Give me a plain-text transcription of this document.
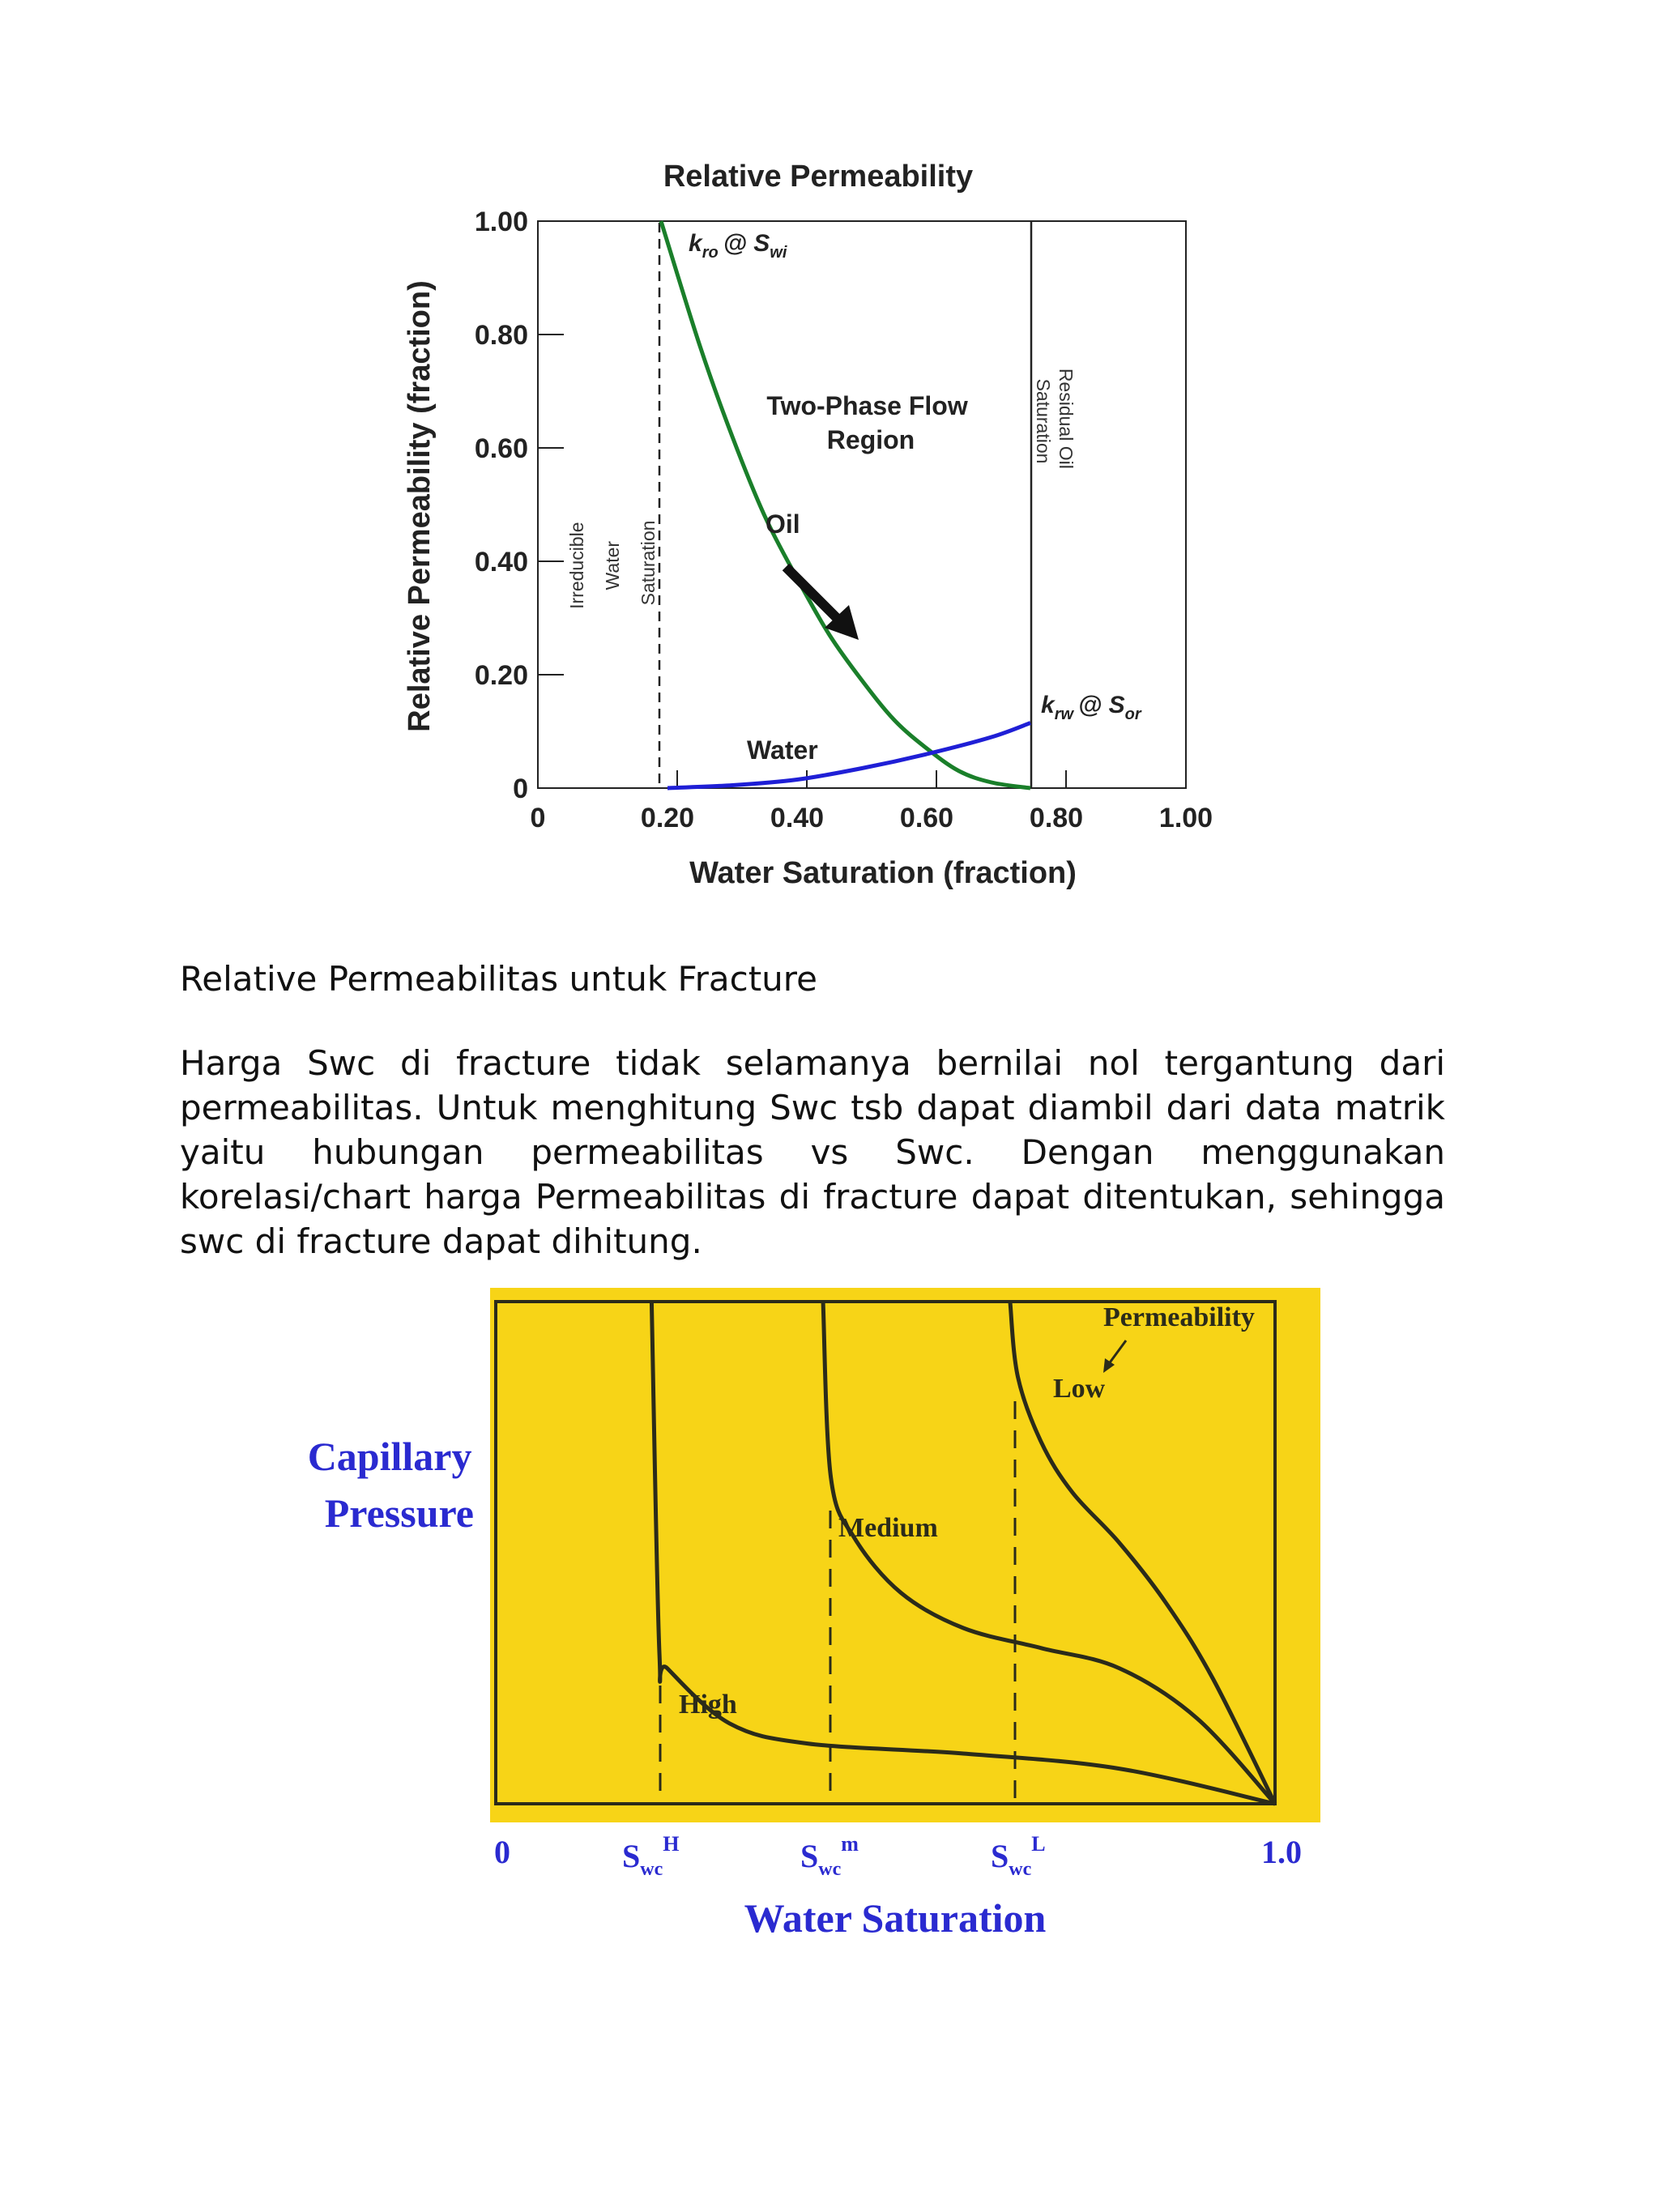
Relative Permeability
0
0.20
0.40
0.60
0.80
1.00
0	0.20	0.40	0.60	0.80	1.00
$k_{ro}$ @ $S_{wi}$
$k_{rw}$ @ $S_{or}$
Two-Phase Flow Region
Oil
Water
Irreducible Water Saturation
Residual Oil Saturation
Water Saturation (fraction)
Relative Permeability (fraction)
Relative Permeabilitas untuk Fracture
Harga Swc di fracture tidak selamanya bernilai nol tergantung dari permeabilitas. Untuk menghitung Swc tsb dapat diambil dari data matrik yaitu hubungan permeabilitas vs Swc. Dengan menggunakan korelasi/chart harga Permeabilitas di fracture dapat ditentukan, sehingga swc di fracture dapat dihitung.
Permeability
Low
Medium
High
Capillary Pressure
0	1.0
$S_{wc}^H$	$S_{wc}^m$	$S_{wc}^L$
Water Saturation
